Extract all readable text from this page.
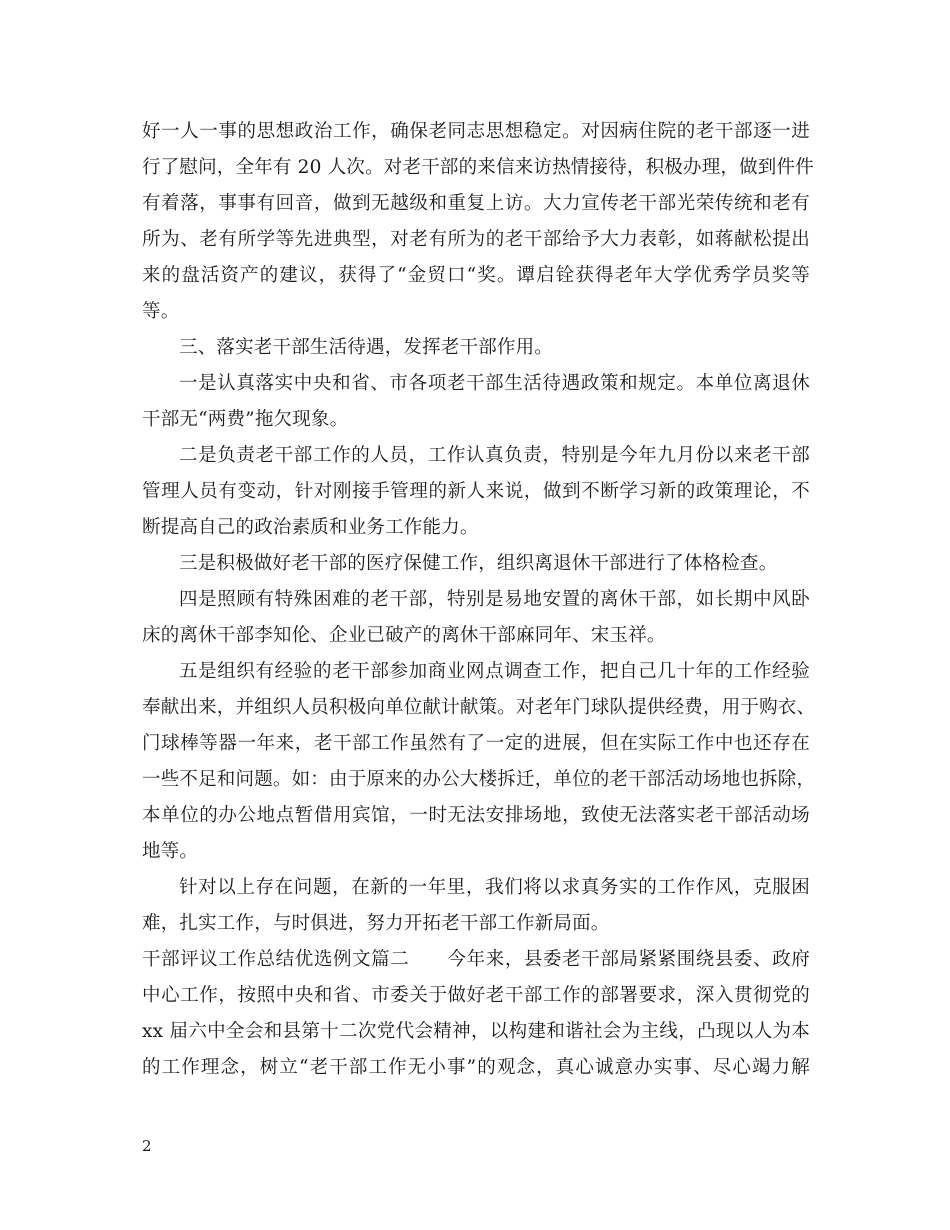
好一人一事的思想政治工作，确保老同志思想稳定。对因病住院的老干部逐一进
行了慰问，全年有 20 人次。对老干部的来信来访热情接待，积极办理，做到件件
有着落，事事有回音，做到无越级和重复上访。大力宣传老干部光荣传统和老有
所为、老有所学等先进典型，对老有所为的老干部给予大力表彰，如蒋献松提出
来的盘活资产的建议，获得了“金贸口“奖。谭启铨获得老年大学优秀学员奖等
等。
三、落实老干部生活待遇，发挥老干部作用。
一是认真落实中央和省、市各项老干部生活待遇政策和规定。本单位离退休
干部无“两费”拖欠现象。
二是负责老干部工作的人员，工作认真负责，特别是今年九月份以来老干部
管理人员有变动，针对刚接手管理的新人来说，做到不断学习新的政策理论，不
断提高自己的政治素质和业务工作能力。
三是积极做好老干部的医疗保健工作，组织离退休干部进行了体格检查。
四是照顾有特殊困难的老干部，特别是易地安置的离休干部，如长期中风卧
床的离休干部李知伦、企业已破产的离休干部麻同年、宋玉祥。
五是组织有经验的老干部参加商业网点调查工作，把自己几十年的工作经验
奉献出来，并组织人员积极向单位献计献策。对老年门球队提供经费，用于购衣、
门球棒等器一年来，老干部工作虽然有了一定的进展，但在实际工作中也还存在
一些不足和问题。如：由于原来的办公大楼拆迁，单位的老干部活动场地也拆除，
本单位的办公地点暂借用宾馆，一时无法安排场地，致使无法落实老干部活动场
地等。
针对以上存在问题，在新的一年里，我们将以求真务实的工作作风，克服困
难，扎实工作，与时俱进，努力开拓老干部工作新局面。
干部评议工作总结优选例文篇二　　今年来，县委老干部局紧紧围绕县委、政府
中心工作，按照中央和省、市委关于做好老干部工作的部署要求，深入贯彻党的
xx 届六中全会和县第十二次党代会精神，以构建和谐社会为主线，凸现以人为本
的工作理念，树立“老干部工作无小事”的观念，真心诚意办实事、尽心竭力解
2
